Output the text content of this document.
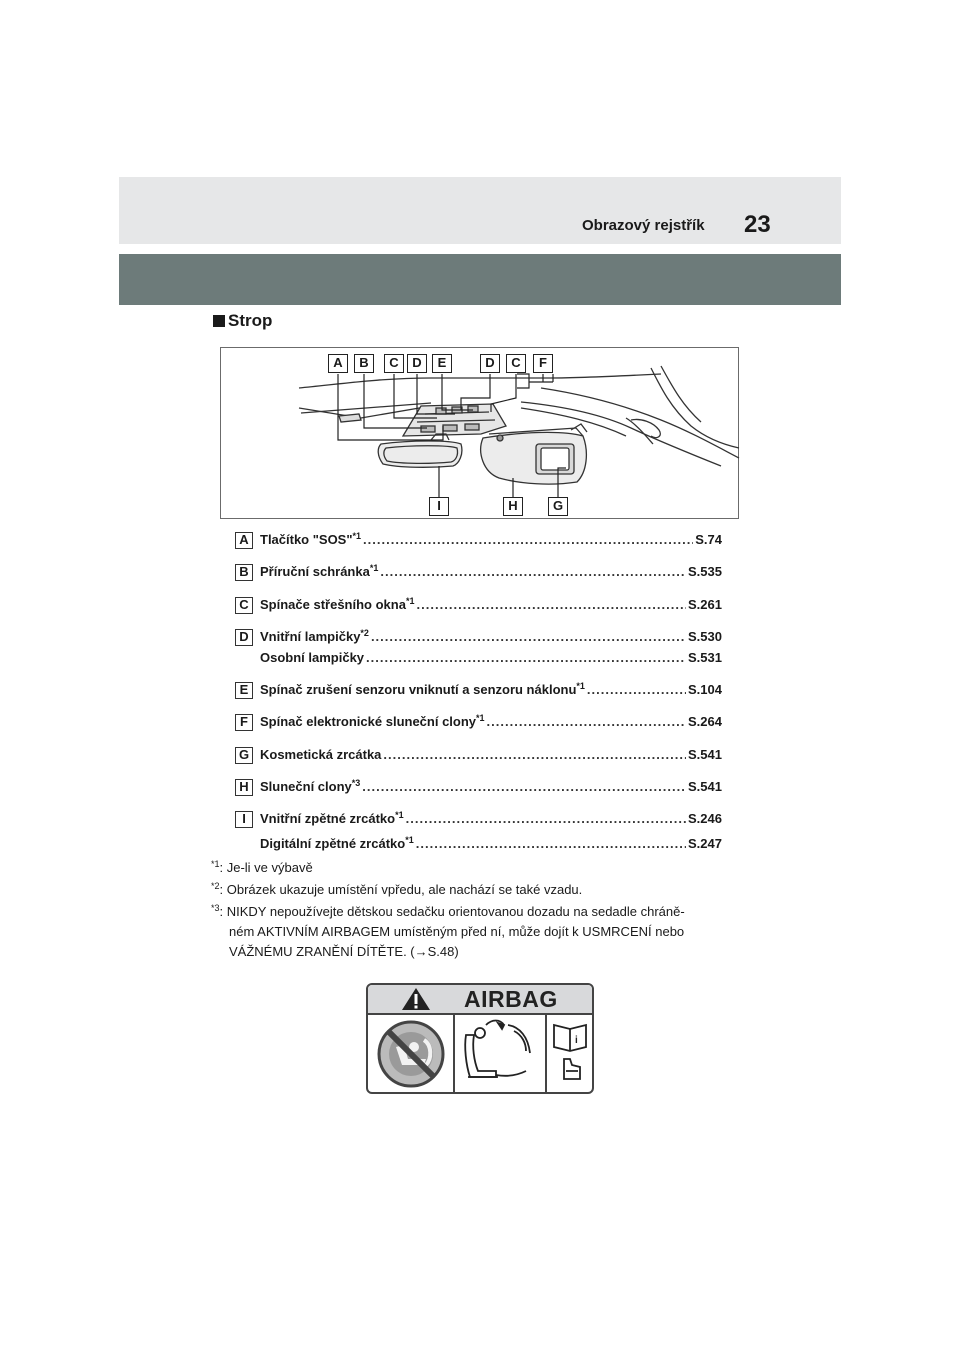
Obrazový rejstřík 23
Strop
A	B	C	D	E	D	C	F
I	H	G
A Tlačítko "SOS"$^{*1}$ . . .	S.74
B Příruční schránka$^{*1}$ . . .	S.535
C Spínače střešního okna$^{*1}$ . . .	S.261
D Vnitřní lampičky$^{*2}$ . . .	S.530
Osobní lampičky . . .	S.531
E Spínač zrušení senzoru vniknutí a senzoru náklonu$^{*1}$ . . .	S.104
F Spínač elektronické sluneční clony$^{*1}$ . . .	S.264
G Kosmetická zrcátka . . .	S.541
H Sluneční clony$^{*3}$ . . .	S.541
I	Vnitřní zpětné zrcátko$^{*1}$ . . .	S.246
Digitální zpětné zrcátko$^{*1}$ . . .	S.247
$^{*1}$: Je-li ve výbavě
$^{*2}$: Obrázek ukazuje umístění vpředu, ale nachází se také vzadu.
$^{*3}$: NIKDY nepoužívejte dětskou sedačku orientovanou dozadu na sedadle chráně-
ném AKTIVNÍM AIRBAGEM umístěným před ní, může dojít k USMRCENÍ nebo
VÁŽNÉMU ZRANĚNÍ DÍTĚTE. (→S.48)
i
AIRBAG
